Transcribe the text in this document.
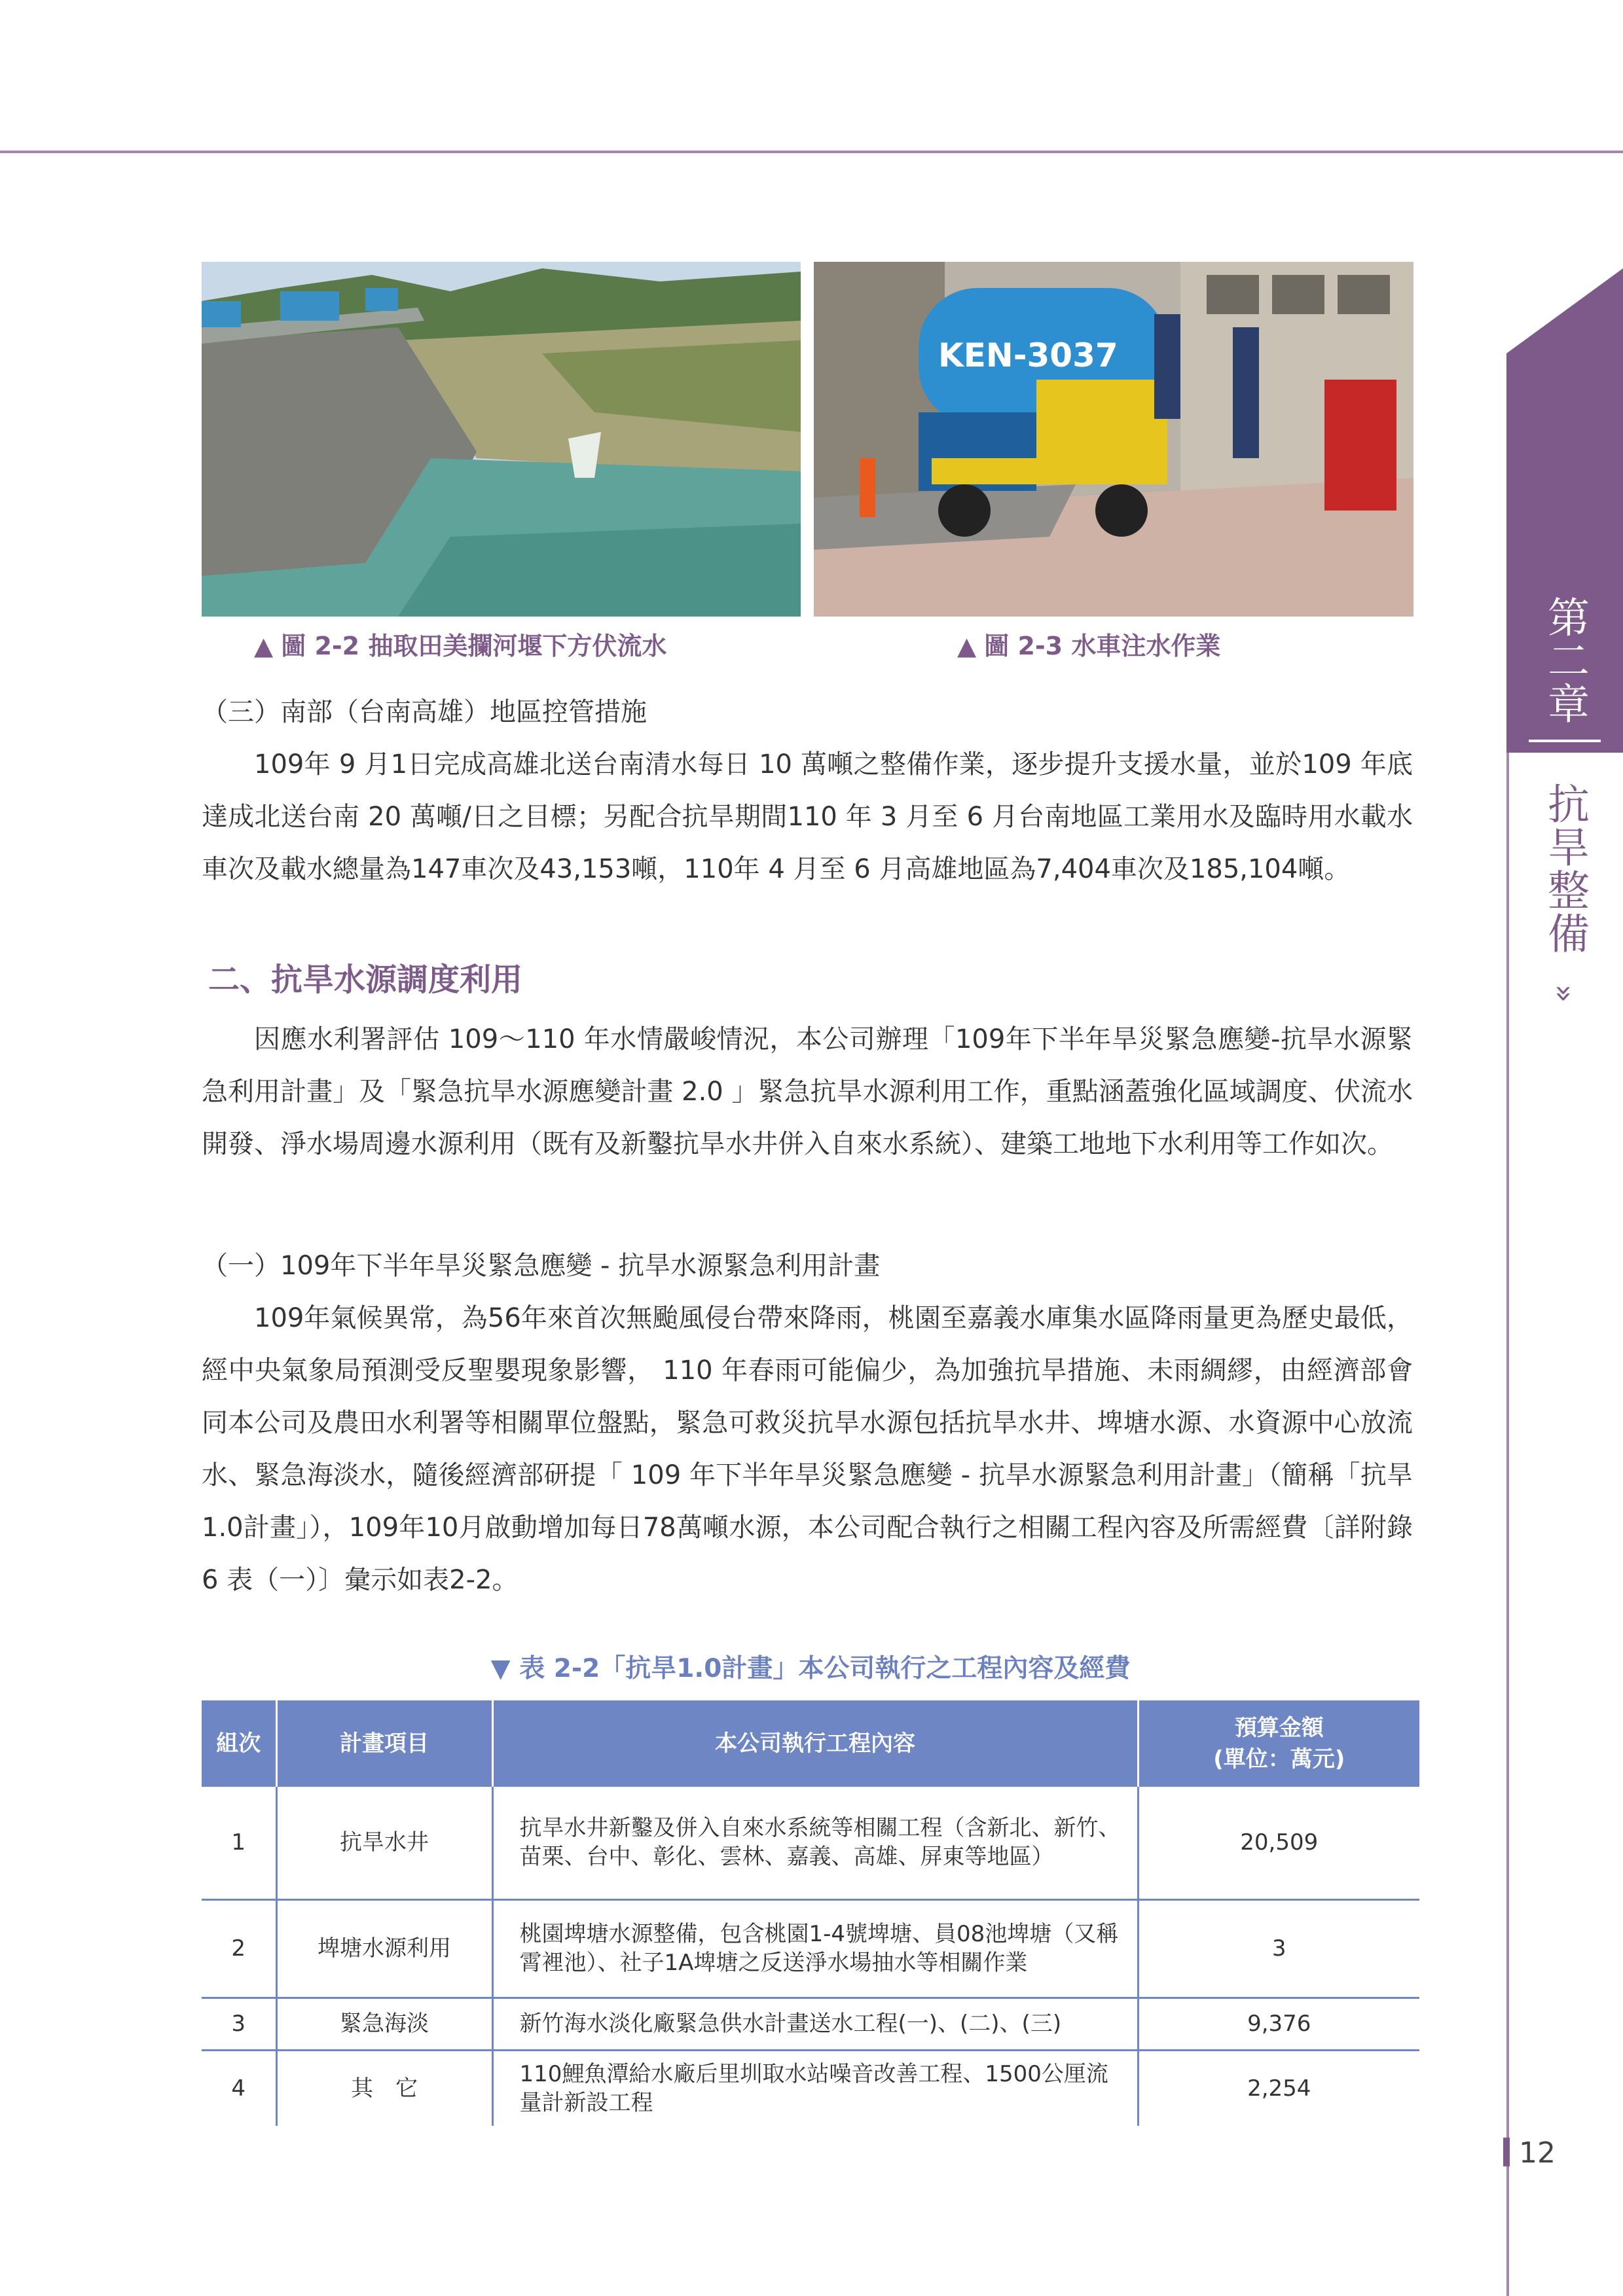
第二章
抗旱整備
»
KEN-3037
▲ 圖 2-2 抽取田美攔河堰下方伏流水	▲ 圖 2-3 水車注水作業

（三）南部（台南高雄）地區控管措施

109年 9 月1日完成高雄北送台南清水每日 10 萬噸之整備作業，逐步提升支援水量，並於109 年底達成北送台南 20 萬噸/日之目標；另配合抗旱期間110 年 3 月至 6 月台南地區工業用水及臨時用水載水車次及載水總量為147車次及43,153噸，110年 4 月至 6 月高雄地區為7,404車次及185,104噸。

二、抗旱水源調度利用

因應水利署評估 109～110 年水情嚴峻情況，本公司辦理「109年下半年旱災緊急應變-抗旱水源緊急利用計畫」及「緊急抗旱水源應變計畫 2.0 」緊急抗旱水源利用工作，重點涵蓋強化區域調度、伏流水開發、淨水場周邊水源利用（既有及新鑿抗旱水井併入自來水系統）、建築工地地下水利用等工作如次。

（一）109年下半年旱災緊急應變 - 抗旱水源緊急利用計畫

109年氣候異常，為56年來首次無颱風侵台帶來降雨，桃園至嘉義水庫集水區降雨量更為歷史最低，經中央氣象局預測受反聖嬰現象影響， 110 年春雨可能偏少，為加強抗旱措施、未雨綢繆，由經濟部會同本公司及農田水利署等相關單位盤點，緊急可救災抗旱水源包括抗旱水井、埤塘水源、水資源中心放流水、緊急海淡水，隨後經濟部研提「 109 年下半年旱災緊急應變 - 抗旱水源緊急利用計畫」（簡稱「抗旱1.0計畫」），109年10月啟動增加每日78萬噸水源，本公司配合執行之相關工程內容及所需經費〔詳附錄6 表（一）〕彙示如表2-2。

▼ 表 2-2「抗旱1.0計畫」本公司執行之工程內容及經費
組次	計畫項目	本公司執行工程內容	預算金額
(單位：萬元)

1	抗旱水井	抗旱水井新鑿及併入自來水系統等相關工程（含新北、新竹、苗栗、台中、彰化、雲林、嘉義、高雄、屏東等地區）	20,509
2	埤塘水源利用	桃園埤塘水源整備，包含桃園1-4號埤塘、員08池埤塘（又稱霄裡池）、社子1A埤塘之反送淨水場抽水等相關作業	3
3	緊急海淡	新竹海水淡化廠緊急供水計畫送水工程(一)、(二)、(三)	9,376
4	其　它	110鯉魚潭給水廠后里圳取水站噪音改善工程、1500公厘流量計新設工程	2,254
12
